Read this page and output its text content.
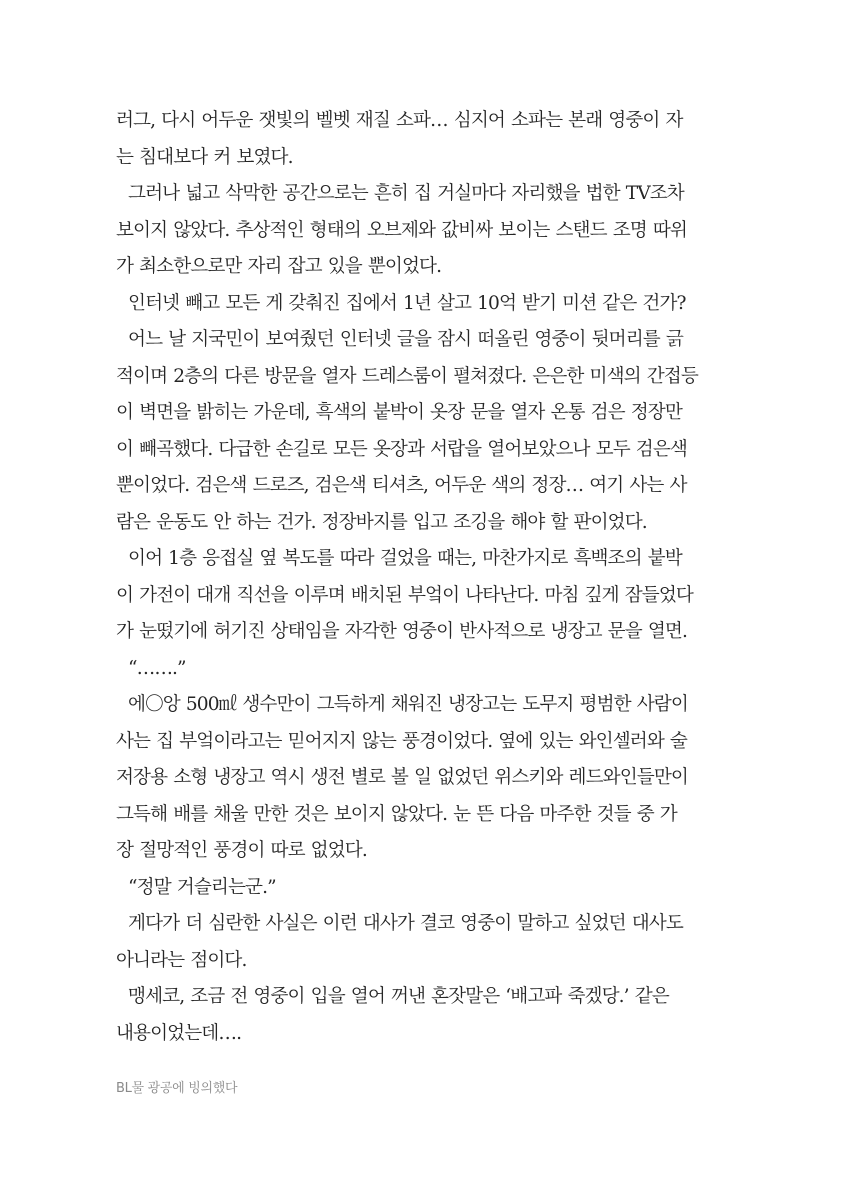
러그, 다시 어두운 잿빛의 벨벳 재질 소파… 심지어 소파는 본래 영중이 자
는 침대보다 커 보였다.
그러나 넓고 삭막한 공간으로는 흔히 집 거실마다 자리했을 법한 TV조차
보이지 않았다. 추상적인 형태의 오브제와 값비싸 보이는 스탠드 조명 따위
가 최소한으로만 자리 잡고 있을 뿐이었다.
인터넷 빼고 모든 게 갖춰진 집에서 1년 살고 10억 받기 미션 같은 건가?
어느 날 지국민이 보여줬던 인터넷 글을 잠시 떠올린 영중이 뒷머리를 긁
적이며 2층의 다른 방문을 열자 드레스룸이 펼쳐졌다. 은은한 미색의 간접등
이 벽면을 밝히는 가운데, 흑색의 붙박이 옷장 문을 열자 온통 검은 정장만
이 빼곡했다. 다급한 손길로 모든 옷장과 서랍을 열어보았으나 모두 검은색
뿐이었다. 검은색 드로즈, 검은색 티셔츠, 어두운 색의 정장… 여기 사는 사
람은 운동도 안 하는 건가. 정장바지를 입고 조깅을 해야 할 판이었다.
이어 1층 응접실 옆 복도를 따라 걸었을 때는, 마찬가지로 흑백조의 붙박
이 가전이 대개 직선을 이루며 배치된 부엌이 나타난다. 마침 깊게 잠들었다
가 눈떴기에 허기진 상태임을 자각한 영중이 반사적으로 냉장고 문을 열면.
“…….”
에〇앙 500㎖ 생수만이 그득하게 채워진 냉장고는 도무지 평범한 사람이
사는 집 부엌이라고는 믿어지지 않는 풍경이었다. 옆에 있는 와인셀러와 술
저장용 소형 냉장고 역시 생전 별로 볼 일 없었던 위스키와 레드와인들만이
그득해 배를 채울 만한 것은 보이지 않았다. 눈 뜬 다음 마주한 것들 중 가
장 절망적인 풍경이 따로 없었다.
“정말 거슬리는군.”
게다가 더 심란한 사실은 이런 대사가 결코 영중이 말하고 싶었던 대사도
아니라는 점이다.
맹세코, 조금 전 영중이 입을 열어 꺼낸 혼잣말은 ‘배고파 죽겠당.’ 같은
내용이었는데….
BL물 광공에 빙의했다
